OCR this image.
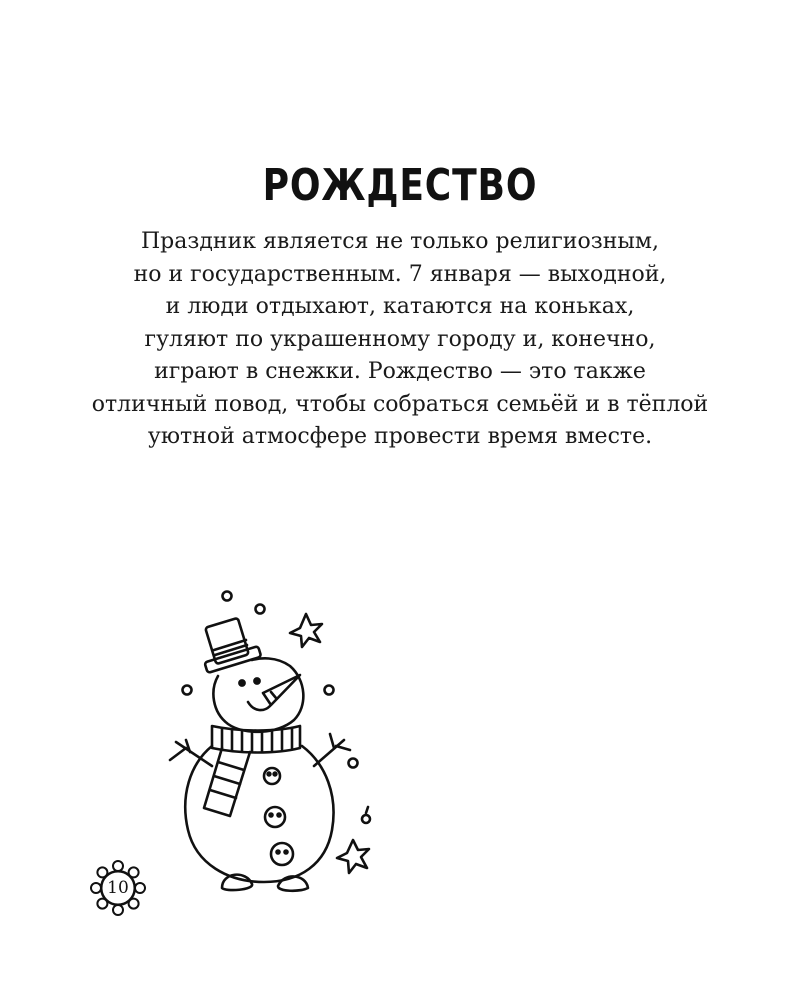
РОЖДЕСТВО
Праздник является не только религиозным,
но и государственным. 7 января — выходной,
и люди отдыхают, катаются на коньках,
гуляют по украшенному городу и, конечно,
играют в снежки. Рождество — это также
отличный повод, чтобы собраться семьёй и в тёплой
уютной атмосфере провести время вместе.
10
